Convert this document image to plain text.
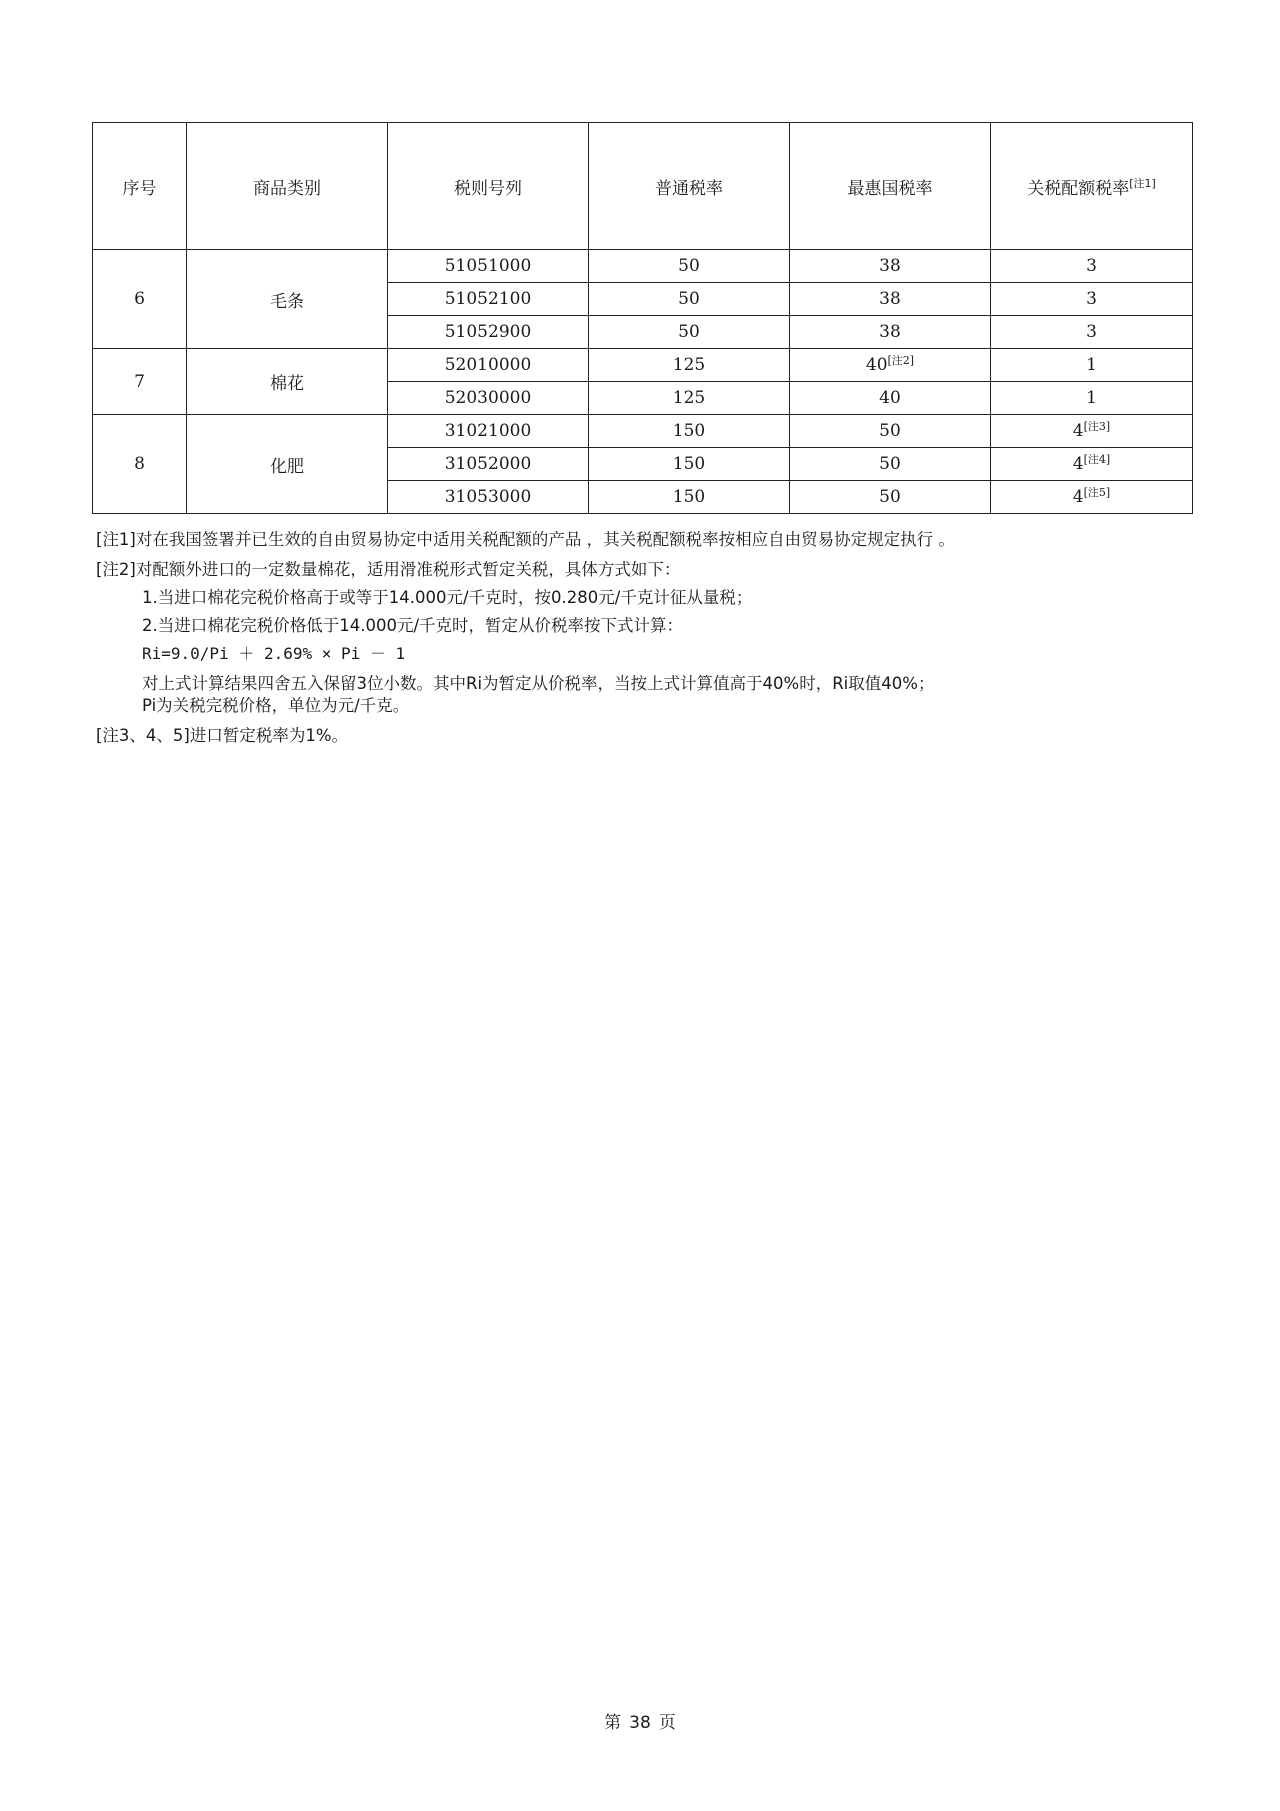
序号	商品类别	税则号列	普通税率	最惠国税率	关税配额税率[注1]
6	毛条	51051000	50	38	3
		51052100	50	38	3
		51052900	50	38	3
7	棉花	52010000	125	40[注2]	1
		52030000	125	40	1
8	化肥	31021000	150	50	4[注3]
		31052000	150	50	4[注4]
		31053000	150	50	4[注5]
[注1]对在我国签署并已生效的自由贸易协定中适用关税配额的产品 ，其关税配额税率按相应自由贸易协定规定执行 。
[注2]对配额外进口的一定数量棉花，适用滑准税形式暂定关税，具体方式如下：
1.当进口棉花完税价格高于或等于14.000元/千克时，按0.280元/千克计征从量税；
2.当进口棉花完税价格低于14.000元/千克时，暂定从价税率按下式计算：
Ri=9.0/Pi ＋ 2.69% × Pi － 1
对上式计算结果四舍五入保留3位小数。其中Ri为暂定从价税率，当按上式计算值高于40%时，Ri取值40%；
Pi为关税完税价格，单位为元/千克。
[注3、4、5]进口暂定税率为1%。
第 38 页
